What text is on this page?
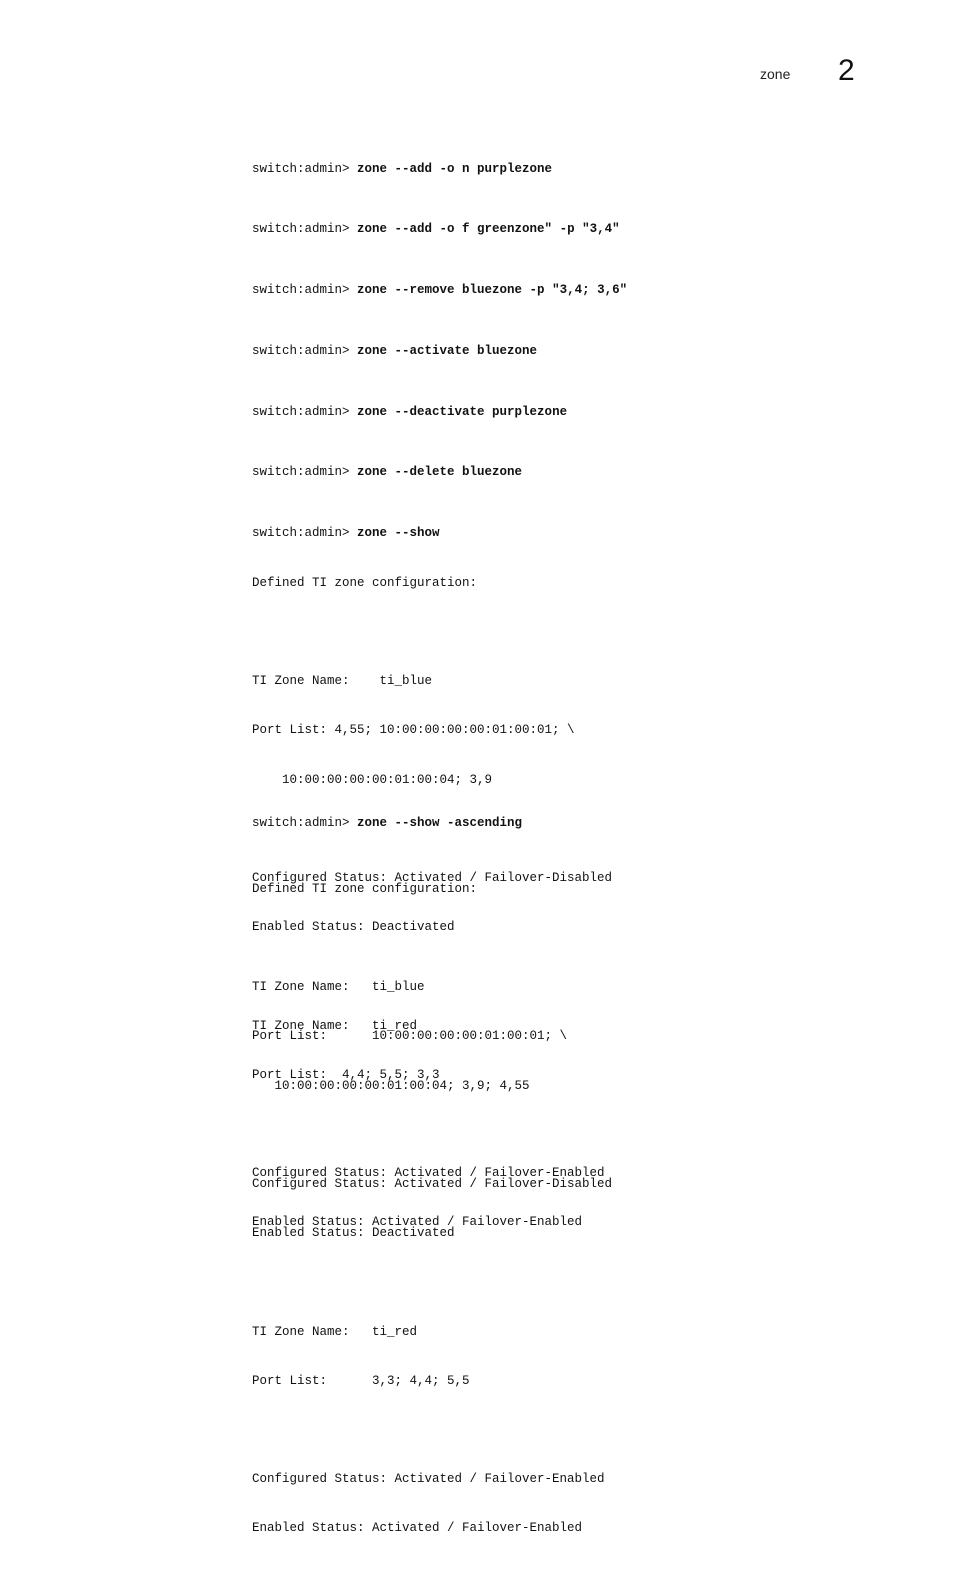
zone 2
switch:admin> zone --add -o n purplezone
switch:admin> zone --add -o f greenzone" -p "3,4"
switch:admin> zone --remove bluezone -p "3,4; 3,6"
switch:admin> zone --activate bluezone
switch:admin> zone --deactivate purplezone
switch:admin> zone --delete bluezone
switch:admin> zone --show

Defined TI zone configuration:

TI Zone Name:    ti_blue

Port List: 4,55; 10:00:00:00:00:01:00:01; \

10:00:00:00:00:01:00:04; 3,9

Configured Status: Activated / Failover-Disabled

Enabled Status: Deactivated

TI Zone Name:   ti_red

Port List:  4,4; 5,5; 3,3

Configured Status: Activated / Failover-Enabled

Enabled Status: Activated / Failover-Enabled

switch:admin> zone --show -ascending

Defined TI zone configuration:

TI Zone Name:   ti_blue

Port List:      10:00:00:00:00:01:00:01; \

10:00:00:00:00:01:00:04; 3,9; 4,55

Configured Status: Activated / Failover-Disabled

Enabled Status: Deactivated

TI Zone Name:   ti_red

Port List:      3,3; 4,4; 5,5

Configured Status: Activated / Failover-Enabled

Enabled Status: Activated / Failover-Enabled
